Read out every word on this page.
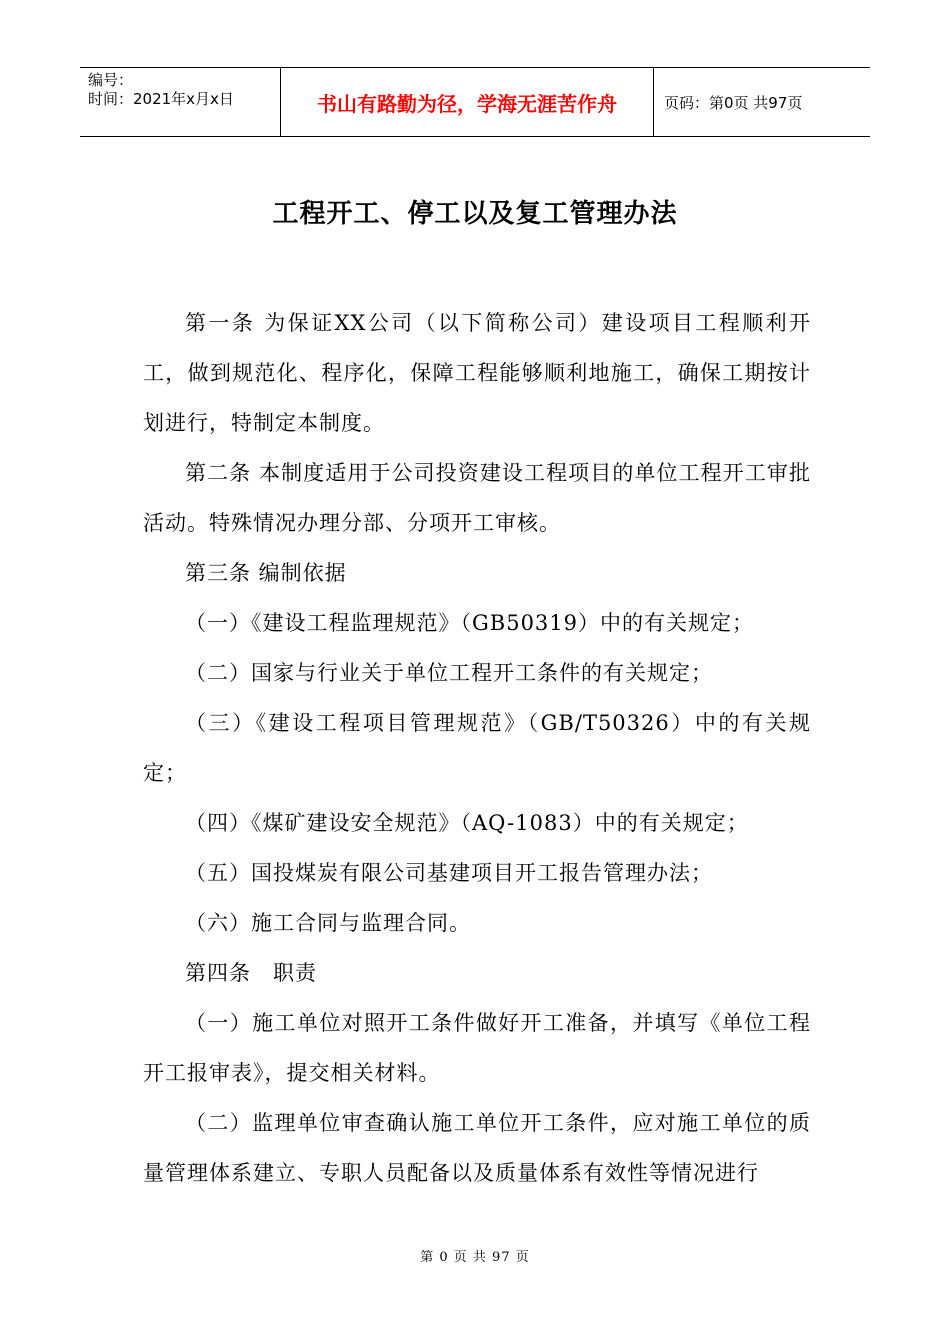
编号：
时间：2021年x月x日	书山有路勤为径，学海无涯苦作舟	页码：第0页 共97页
工程开工、停工以及复工管理办法

第一条 为保证XX公司（以下简称公司）建设项目工程顺利开工，做到规范化、程序化，保障工程能够顺利地施工，确保工期按计划进行，特制定本制度。

第二条 本制度适用于公司投资建设工程项目的单位工程开工审批活动。特殊情况办理分部、分项开工审核。

第三条 编制依据

（一）《建设工程监理规范》（GB50319）中的有关规定；

（二）国家与行业关于单位工程开工条件的有关规定；

（三）《建设工程项目管理规范》（GB/T50326）中的有关规定；

（四）《煤矿建设安全规范》（AQ-1083）中的有关规定；

（五）国投煤炭有限公司基建项目开工报告管理办法；

（六）施工合同与监理合同。

第四条　职责

（一）施工单位对照开工条件做好开工准备，并填写《单位工程开工报审表》，提交相关材料。

（二）监理单位审查确认施工单位开工条件，应对施工单位的质量管理体系建立、专职人员配备以及质量体系有效性等情况进行

第 0 页 共 97 页
